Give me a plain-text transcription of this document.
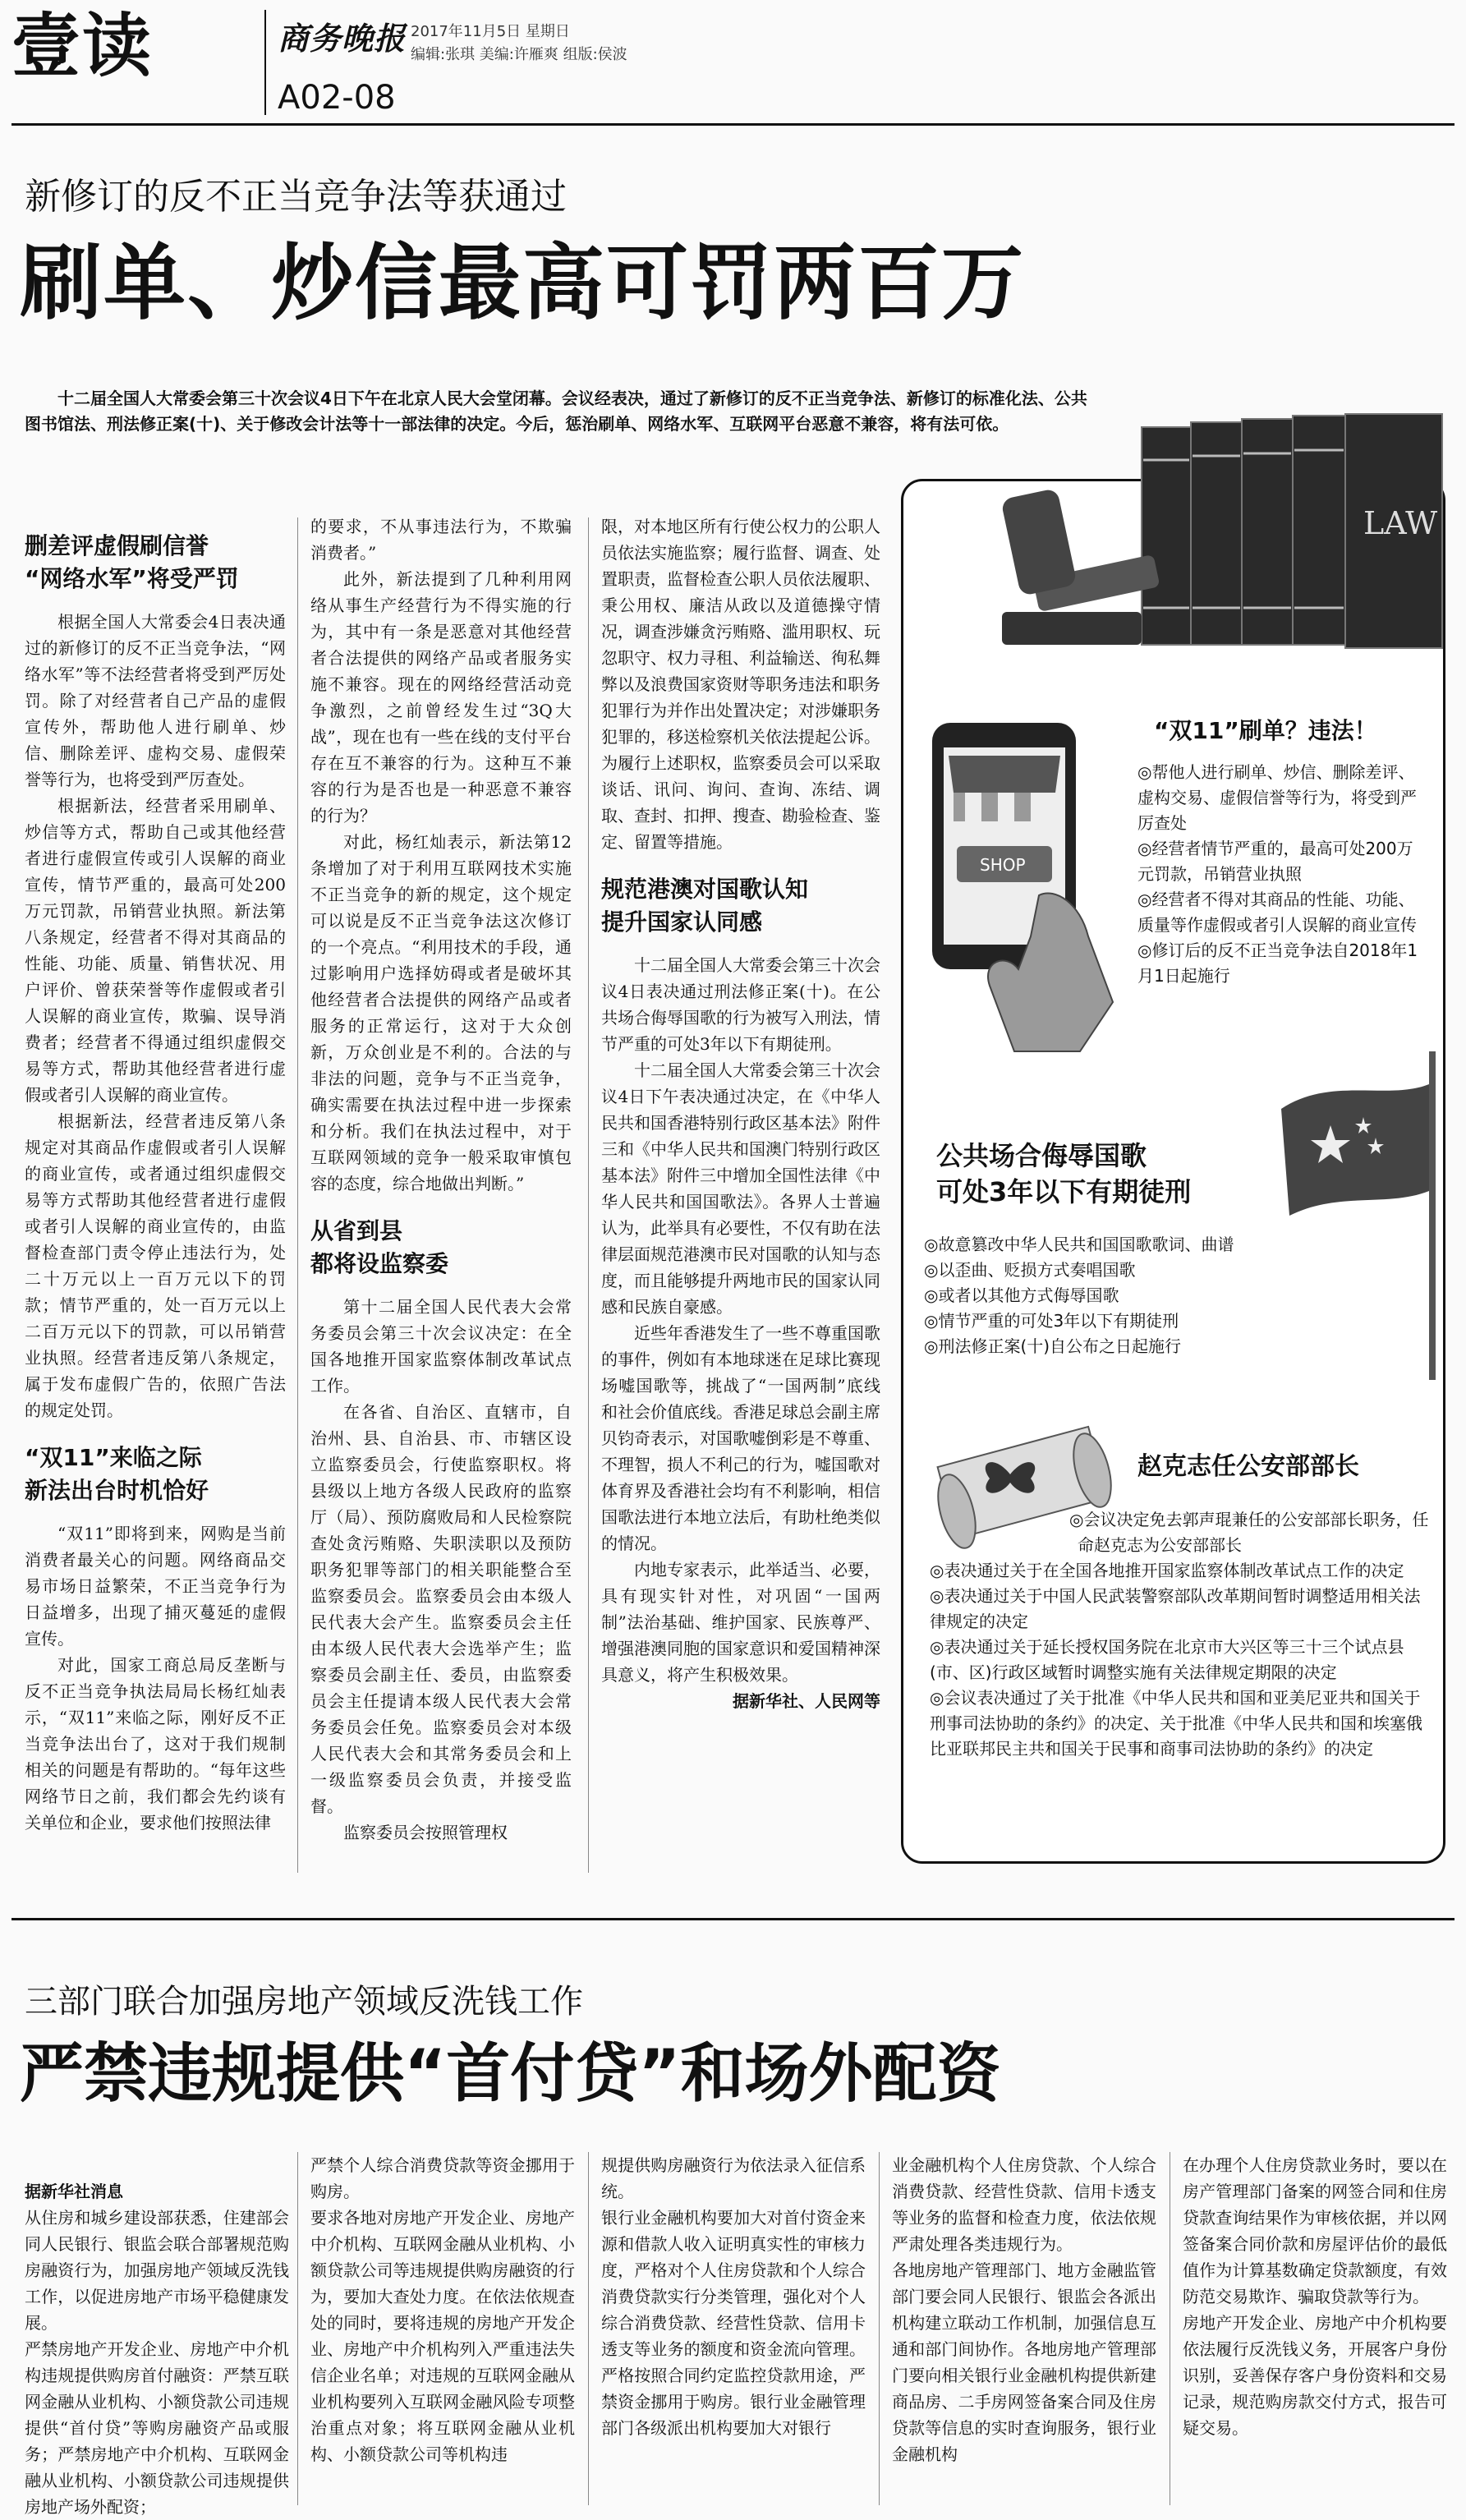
壹读	商务晚报 2017年11月5日 星期日
编辑:张琪 美编:许雁爽 组版:侯波
A02-08
新修订的反不正当竞争法等获通过
刷单、炒信最高可罚两百万
十二届全国人大常委会第三十次会议4日下午在北京人民大会堂闭幕。会议经表决，通过了新修订的反不正当竞争法、新修订的标准化法、公共图书馆法、刑法修正案(十)、关于修改会计法等十一部法律的决定。今后，惩治刷单、网络水军、互联网平台恶意不兼容，将有法可依。
删差评虚假刷信誉
“网络水军”将受严罚

根据全国人大常委会4日表决通过的新修订的反不正当竞争法，“网络水军”等不法经营者将受到严厉处罚。除了对经营者自己产品的虚假宣传外，帮助他人进行刷单、炒信、删除差评、虚构交易、虚假荣誉等行为，也将受到严厉查处。

根据新法，经营者采用刷单、炒信等方式，帮助自己或其他经营者进行虚假宣传或引人误解的商业宣传，情节严重的，最高可处200万元罚款，吊销营业执照。新法第八条规定，经营者不得对其商品的性能、功能、质量、销售状况、用户评价、曾获荣誉等作虚假或者引人误解的商业宣传，欺骗、误导消费者；经营者不得通过组织虚假交易等方式，帮助其他经营者进行虚假或者引人误解的商业宣传。

根据新法，经营者违反第八条规定对其商品作虚假或者引人误解的商业宣传，或者通过组织虚假交易等方式帮助其他经营者进行虚假或者引人误解的商业宣传的，由监督检查部门责令停止违法行为，处二十万元以上一百万元以下的罚款；情节严重的，处一百万元以上二百万元以下的罚款，可以吊销营业执照。经营者违反第八条规定，属于发布虚假广告的，依照广告法的规定处罚。

“双11”来临之际
新法出台时机恰好

“双11”即将到来，网购是当前消费者最关心的问题。网络商品交易市场日益繁荣，不正当竞争行为日益增多，出现了捕灭蔓延的虚假宣传。

对此，国家工商总局反垄断与反不正当竞争执法局局长杨红灿表示，“双11”来临之际，刚好反不正当竞争法出台了，这对于我们规制相关的问题是有帮助的。“每年这些网络节日之前，我们都会先约谈有关单位和企业，要求他们按照法律

的要求，不从事违法行为，不欺骗消费者。”

此外，新法提到了几种利用网络从事生产经营行为不得实施的行为，其中有一条是恶意对其他经营者合法提供的网络产品或者服务实施不兼容。现在的网络经营活动竞争激烈，之前曾经发生过“3Q大战”，现在也有一些在线的支付平台存在互不兼容的行为。这种互不兼容的行为是否也是一种恶意不兼容的行为？

对此，杨红灿表示，新法第12条增加了对于利用互联网技术实施不正当竞争的新的规定，这个规定可以说是反不正当竞争法这次修订的一个亮点。“利用技术的手段，通过影响用户选择妨碍或者是破坏其他经营者合法提供的网络产品或者服务的正常运行，这对于大众创新，万众创业是不利的。合法的与非法的问题，竞争与不正当竞争，确实需要在执法过程中进一步探索和分析。我们在执法过程中，对于互联网领域的竞争一般采取审慎包容的态度，综合地做出判断。”

从省到县
都将设监察委

第十二届全国人民代表大会常务委员会第三十次会议决定：在全国各地推开国家监察体制改革试点工作。

在各省、自治区、直辖市，自治州、县、自治县、市、市辖区设立监察委员会，行使监察职权。将县级以上地方各级人民政府的监察厅（局）、预防腐败局和人民检察院查处贪污贿赂、失职渎职以及预防职务犯罪等部门的相关职能整合至监察委员会。监察委员会由本级人民代表大会产生。监察委员会主任由本级人民代表大会选举产生；监察委员会副主任、委员，由监察委员会主任提请本级人民代表大会常务委员会任免。监察委员会对本级人民代表大会和其常务委员会和上一级监察委员会负责，并接受监督。

监察委员会按照管理权

限，对本地区所有行使公权力的公职人员依法实施监察；履行监督、调查、处置职责，监督检查公职人员依法履职、秉公用权、廉洁从政以及道德操守情况，调查涉嫌贪污贿赂、滥用职权、玩忽职守、权力寻租、利益输送、徇私舞弊以及浪费国家资财等职务违法和职务犯罪行为并作出处置决定；对涉嫌职务犯罪的，移送检察机关依法提起公诉。为履行上述职权，监察委员会可以采取谈话、讯问、询问、查询、冻结、调取、查封、扣押、搜查、勘验检查、鉴定、留置等措施。

规范港澳对国歌认知
提升国家认同感

十二届全国人大常委会第三十次会议4日表决通过刑法修正案(十)。在公共场合侮辱国歌的行为被写入刑法，情节严重的可处3年以下有期徒刑。

十二届全国人大常委会第三十次会议4日下午表决通过决定，在《中华人民共和国香港特别行政区基本法》附件三和《中华人民共和国澳门特别行政区基本法》附件三中增加全国性法律《中华人民共和国国歌法》。各界人士普遍认为，此举具有必要性，不仅有助在法律层面规范港澳市民对国歌的认知与态度，而且能够提升两地市民的国家认同感和民族自豪感。

近些年香港发生了一些不尊重国歌的事件，例如有本地球迷在足球比赛现场嘘国歌等，挑战了“一国两制”底线和社会价值底线。香港足球总会副主席贝钧奇表示，对国歌嘘倒彩是不尊重、不理智，损人不利己的行为，嘘国歌对体育界及香港社会均有不利影响，相信国歌法进行本地立法后，有助杜绝类似的情况。

内地专家表示，此举适当、必要，具有现实针对性，对巩固“一国两制”法治基础、维护国家、民族尊严、增强港澳同胞的国家意识和爱国精神深具意义，将产生积极效果。

据新华社、人民网等
LAW
“双11”刷单？违法！
SHOP
◎帮他人进行刷单、炒信、删除差评、虚构交易、虚假信誉等行为，将受到严厉查处
◎经营者情节严重的，最高可处200万元罚款，吊销营业执照
◎经营者不得对其商品的性能、功能、质量等作虚假或者引人误解的商业宣传
◎修订后的反不正当竞争法自2018年1月1日起施行
公共场合侮辱国歌
可处3年以下有期徒刑
◎故意篡改中华人民共和国国歌歌词、曲谱
◎以歪曲、贬损方式奏唱国歌
◎或者以其他方式侮辱国歌
◎情节严重的可处3年以下有期徒刑
◎刑法修正案(十)自公布之日起施行
赵克志任公安部部长
◎会议决定免去郭声琨兼任的公安部部长职务，任命赵克志为公安部部长
◎表决通过关于在全国各地推开国家监察体制改革试点工作的决定
◎表决通过关于中国人民武装警察部队改革期间暂时调整适用相关法律规定的决定
◎表决通过关于延长授权国务院在北京市大兴区等三十三个试点县(市、区)行政区域暂时调整实施有关法律规定期限的决定
◎会议表决通过了关于批准《中华人民共和国和亚美尼亚共和国关于刑事司法协助的条约》的决定、关于批准《中华人民共和国和埃塞俄比亚联邦民主共和国关于民事和商事司法协助的条约》的决定
三部门联合加强房地产领域反洗钱工作
严禁违规提供“首付贷”和场外配资

据新华社消息
从住房和城乡建设部获悉，住建部会同人民银行、银监会联合部署规范购房融资行为，加强房地产领域反洗钱工作，以促进房地产市场平稳健康发展。
严禁房地产开发企业、房地产中介机构违规提供购房首付融资：严禁互联网金融从业机构、小额贷款公司违规提供“首付贷”等购房融资产品或服务；严禁房地产中介机构、互联网金融从业机构、小额贷款公司违规提供房地产场外配资；

严禁个人综合消费贷款等资金挪用于购房。
要求各地对房地产开发企业、房地产中介机构、互联网金融从业机构、小额贷款公司等违规提供购房融资的行为，要加大查处力度。在依法依规查处的同时，要将违规的房地产开发企业、房地产中介机构列入严重违法失信企业名单；对违规的互联网金融从业机构要列入互联网金融风险专项整治重点对象；将互联网金融从业机构、小额贷款公司等机构违
规提供购房融资行为依法录入征信系统。
银行业金融机构要加大对首付资金来源和借款人收入证明真实性的审核力度，严格对个人住房贷款和个人综合消费贷款实行分类管理，强化对个人综合消费贷款、经营性贷款、信用卡透支等业务的额度和资金流向管理。严格按照合同约定监控贷款用途，严禁资金挪用于购房。银行业金融管理部门各级派出机构要加大对银行
业金融机构个人住房贷款、个人综合消费贷款、经营性贷款、信用卡透支等业务的监督和检查力度，依法依规严肃处理各类违规行为。
各地房地产管理部门、地方金融监管部门要会同人民银行、银监会各派出机构建立联动工作机制，加强信息互通和部门间协作。各地房地产管理部门要向相关银行业金融机构提供新建商品房、二手房网签备案合同及住房贷款等信息的实时查询服务，银行业金融机构
在办理个人住房贷款业务时，要以在房产管理部门备案的网签合同和住房贷款查询结果作为审核依据，并以网签备案合同价款和房屋评估价的最低值作为计算基数确定贷款额度，有效防范交易欺诈、骗取贷款等行为。
房地产开发企业、房地产中介机构要依法履行反洗钱义务，开展客户身份识别，妥善保存客户身份资料和交易记录，规范购房款交付方式，报告可疑交易。
